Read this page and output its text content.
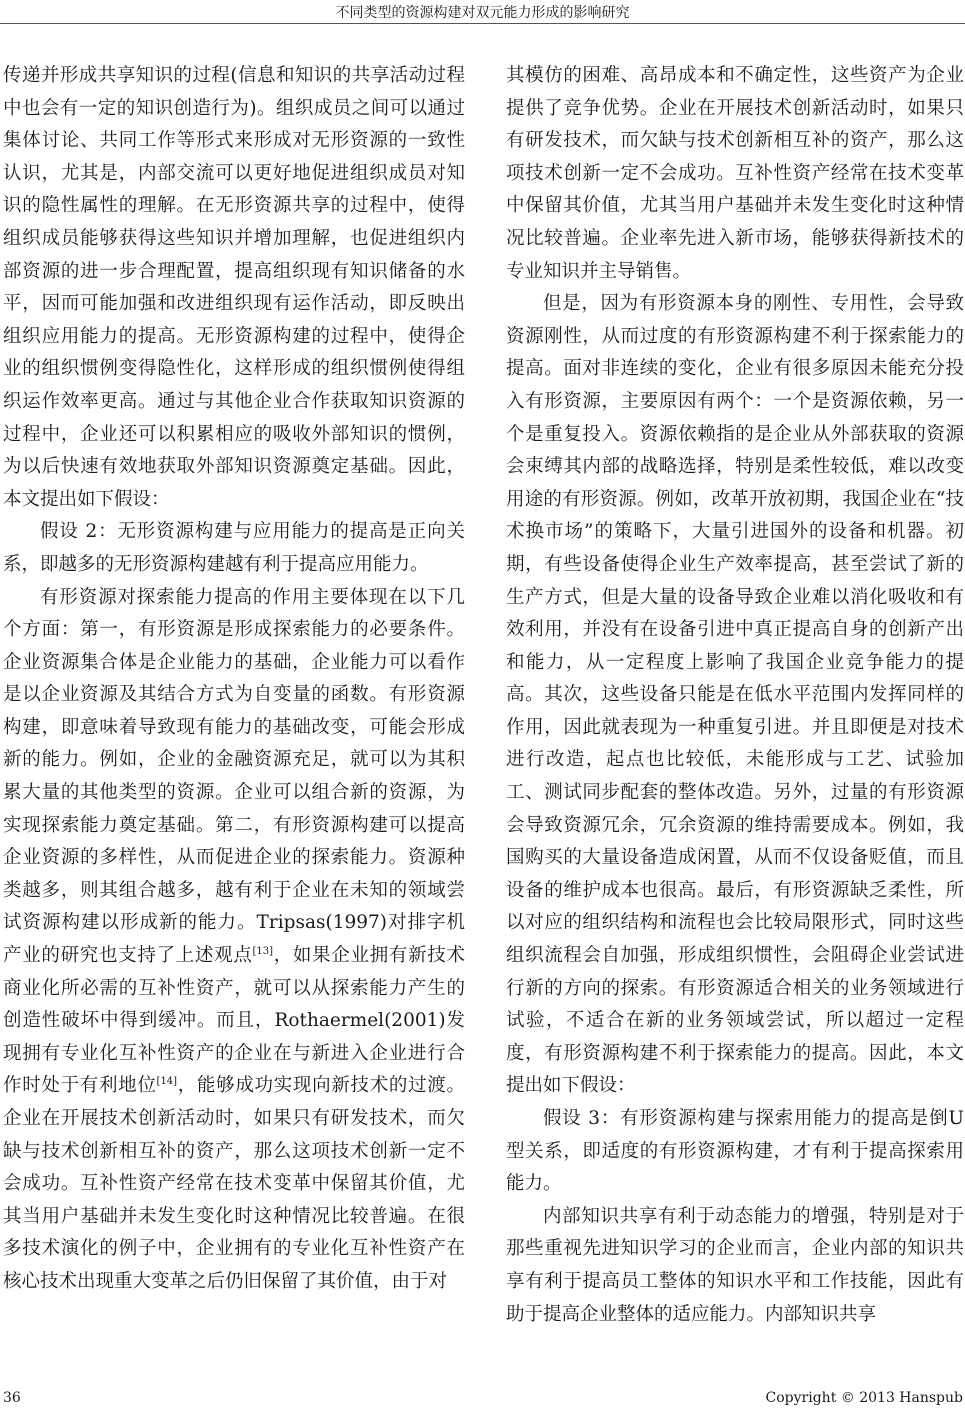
不同类型的资源构建对双元能力形成的影响研究

传递并形成共享知识的过程(信息和知识的共享活动过程中也会有一定的知识创造行为)。组织成员之间可以通过集体讨论、共同工作等形式来形成对无形资源的一致性认识，尤其是，内部交流可以更好地促进组织成员对知识的隐性属性的理解。在无形资源共享的过程中，使得组织成员能够获得这些知识并增加理解，也促进组织内部资源的进一步合理配置，提高组织现有知识储备的水平，因而可能加强和改进组织现有运作活动，即反映出组织应用能力的提高。无形资源构建的过程中，使得企业的组织惯例变得隐性化，这样形成的组织惯例使得组织运作效率更高。通过与其他企业合作获取知识资源的过程中，企业还可以积累相应的吸收外部知识的惯例，为以后快速有效地获取外部知识资源奠定基础。因此，本文提出如下假设：

假设 2：无形资源构建与应用能力的提高是正向关系，即越多的无形资源构建越有利于提高应用能力。

有形资源对探索能力提高的作用主要体现在以下几个方面：第一，有形资源是形成探索能力的必要条件。企业资源集合体是企业能力的基础，企业能力可以看作是以企业资源及其结合方式为自变量的函数。有形资源构建，即意味着导致现有能力的基础改变，可能会形成新的能力。例如，企业的金融资源充足，就可以为其积累大量的其他类型的资源。企业可以组合新的资源，为实现探索能力奠定基础。第二，有形资源构建可以提高企业资源的多样性，从而促进企业的探索能力。资源种类越多，则其组合越多，越有利于企业在未知的领域尝试资源构建以形成新的能力。Tripsas(1997)对排字机产业的研究也支持了上述观点[13]，如果企业拥有新技术商业化所必需的互补性资产，就可以从探索能力产生的创造性破坏中得到缓冲。而且，Rothaermel(2001)发现拥有专业化互补性资产的企业在与新进入企业进行合作时处于有利地位[14]，能够成功实现向新技术的过渡。企业在开展技术创新活动时，如果只有研发技术，而欠缺与技术创新相互补的资产，那么这项技术创新一定不会成功。互补性资产经常在技术变革中保留其价值，尤其当用户基础并未发生变化时这种情况比较普遍。在很多技术演化的例子中，企业拥有的专业化互补性资产在核心技术出现重大变革之后仍旧保留了其价值，由于对

其模仿的困难、高昂成本和不确定性，这些资产为企业提供了竞争优势。企业在开展技术创新活动时，如果只有研发技术，而欠缺与技术创新相互补的资产，那么这项技术创新一定不会成功。互补性资产经常在技术变革中保留其价值，尤其当用户基础并未发生变化时这种情况比较普遍。企业率先进入新市场，能够获得新技术的专业知识并主导销售。

但是，因为有形资源本身的刚性、专用性，会导致资源刚性，从而过度的有形资源构建不利于探索能力的提高。面对非连续的变化，企业有很多原因未能充分投入有形资源，主要原因有两个：一个是资源依赖，另一个是重复投入。资源依赖指的是企业从外部获取的资源会束缚其内部的战略选择，特别是柔性较低，难以改变用途的有形资源。例如，改革开放初期，我国企业在“技术换市场”的策略下，大量引进国外的设备和机器。初期，有些设备使得企业生产效率提高，甚至尝试了新的生产方式，但是大量的设备导致企业难以消化吸收和有效利用，并没有在设备引进中真正提高自身的创新产出和能力，从一定程度上影响了我国企业竞争能力的提高。其次，这些设备只能是在低水平范围内发挥同样的作用，因此就表现为一种重复引进。并且即便是对技术进行改造，起点也比较低，未能形成与工艺、试验加工、测试同步配套的整体改造。另外，过量的有形资源会导致资源冗余，冗余资源的维持需要成本。例如，我国购买的大量设备造成闲置，从而不仅设备贬值，而且设备的维护成本也很高。最后，有形资源缺乏柔性，所以对应的组织结构和流程也会比较局限形式，同时这些组织流程会自加强，形成组织惯性，会阻碍企业尝试进行新的方向的探索。有形资源适合相关的业务领域进行试验，不适合在新的业务领域尝试，所以超过一定程度，有形资源构建不利于探索能力的提高。因此，本文提出如下假设：

假设 3：有形资源构建与探索用能力的提高是倒U 型关系，即适度的有形资源构建，才有利于提高探索用能力。

内部知识共享有利于动态能力的增强，特别是对于那些重视先进知识学习的企业而言，企业内部的知识共享有利于提高员工整体的知识水平和工作技能，因此有助于提高企业整体的适应能力。内部知识共享

36	Copyright © 2013 Hanspub
